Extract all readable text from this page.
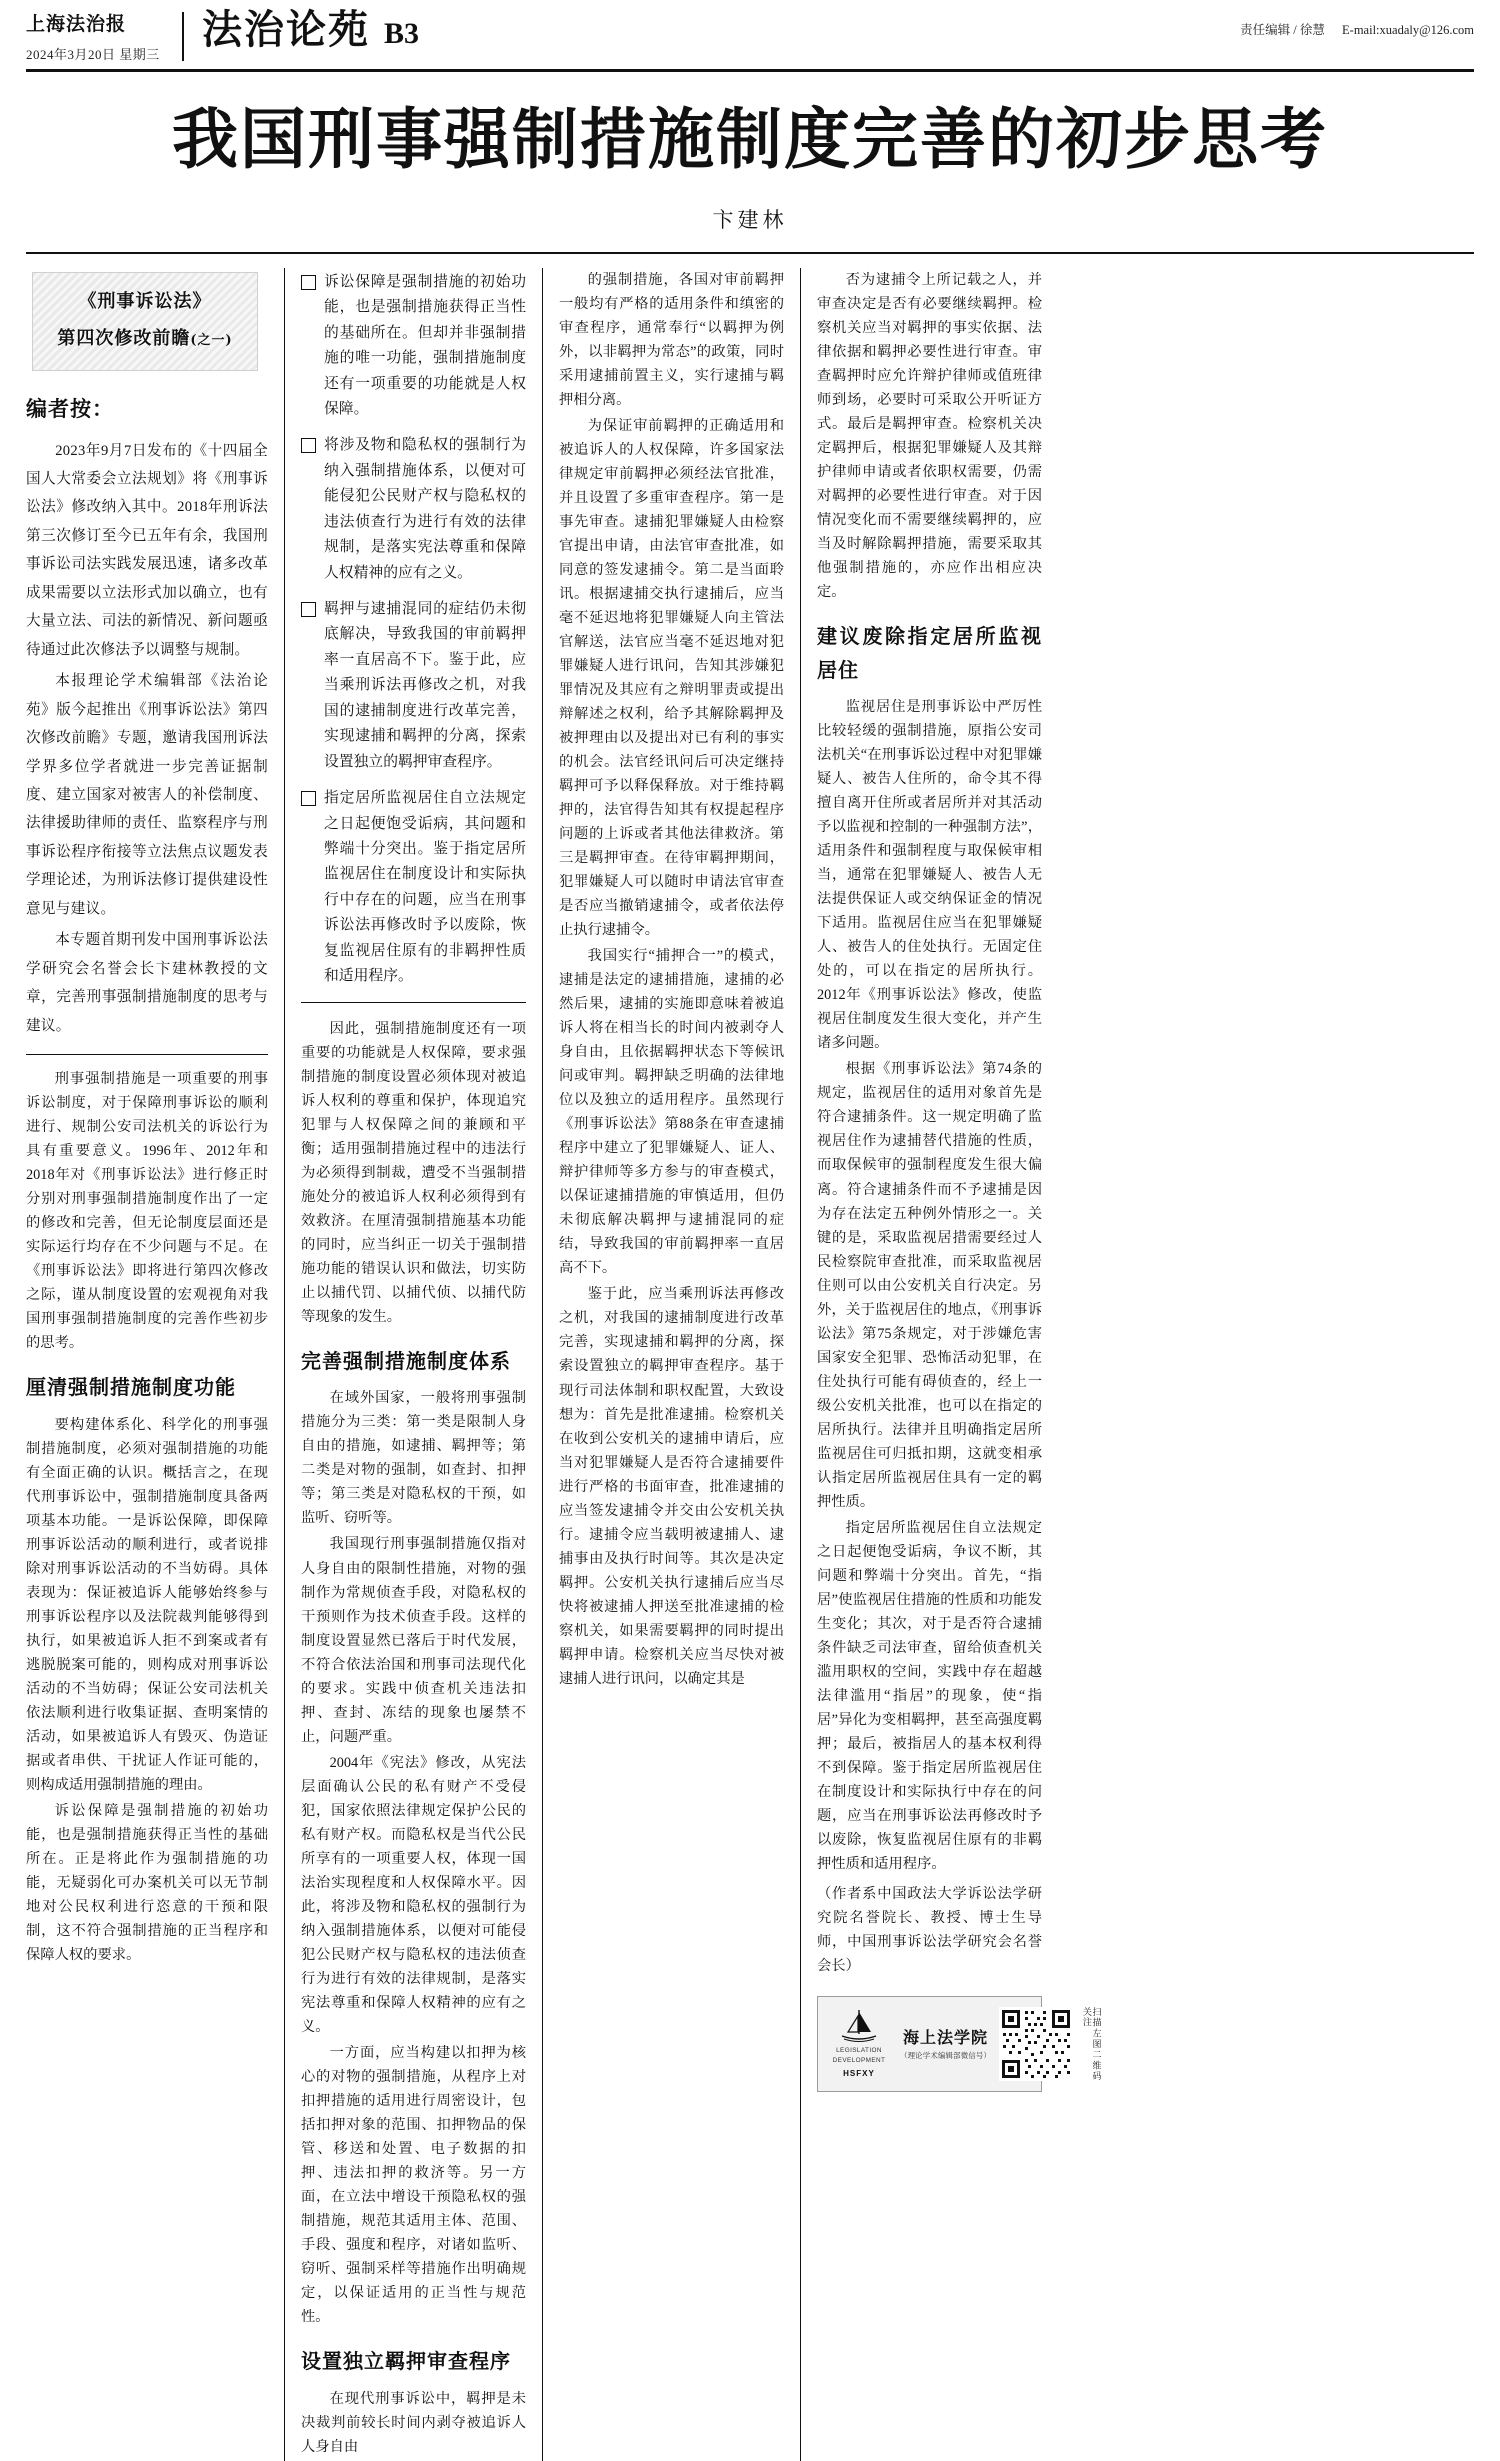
上海法治报
2024年3月20日 星期三
法治论苑 B3	责任编辑 / 徐慧 E-mail:xuadaly@126.com
我国刑事强制措施制度完善的初步思考
卞建林
《刑事诉讼法》
第四次修改前瞻(之一)
编者按：

2023年9月7日发布的《十四届全国人大常委会立法规划》将《刑事诉讼法》修改纳入其中。2018年刑诉法第三次修订至今已五年有余，我国刑事诉讼司法实践发展迅速，诸多改革成果需要以立法形式加以确立，也有大量立法、司法的新情况、新问题亟待通过此次修法予以调整与规制。

本报理论学术编辑部《法治论苑》版今起推出《刑事诉讼法》第四次修改前瞻》专题，邀请我国刑诉法学界多位学者就进一步完善证据制度、建立国家对被害人的补偿制度、法律援助律师的责任、监察程序与刑事诉讼程序衔接等立法焦点议题发表学理论述，为刑诉法修订提供建设性意见与建议。

本专题首期刊发中国刑事诉讼法学研究会名誉会长卞建林教授的文章，完善刑事强制措施制度的思考与建议。

刑事强制措施是一项重要的刑事诉讼制度，对于保障刑事诉讼的顺利进行、规制公安司法机关的诉讼行为具有重要意义。1996年、2012年和2018年对《刑事诉讼法》进行修正时分别对刑事强制措施制度作出了一定的修改和完善，但无论制度层面还是实际运行均存在不少问题与不足。在《刑事诉讼法》即将进行第四次修改之际，谨从制度设置的宏观视角对我国刑事强制措施制度的完善作些初步的思考。

厘清强制措施制度功能

要构建体系化、科学化的刑事强制措施制度，必须对强制措施的功能有全面正确的认识。概括言之，在现代刑事诉讼中，强制措施制度具备两项基本功能。一是诉讼保障，即保障刑事诉讼活动的顺利进行，或者说排除对刑事诉讼活动的不当妨碍。具体表现为：保证被追诉人能够始终参与刑事诉讼程序以及法院裁判能够得到执行，如果被追诉人拒不到案或者有逃脱脱案可能的，则构成对刑事诉讼活动的不当妨碍；保证公安司法机关依法顺利进行收集证据、查明案情的活动，如果被追诉人有毁灭、伪造证据或者串供、干扰证人作证可能的，则构成适用强制措施的理由。

诉讼保障是强制措施的初始功能，也是强制措施获得正当性的基础所在。正是将此作为强制措施的功能，无疑弱化可办案机关可以无节制地对公民权利进行恣意的干预和限制，这不符合强制措施的正当程序和保障人权的要求。

诉讼保障是强制措施的初始功能，也是强制措施获得正当性的基础所在。但却并非强制措施的唯一功能，强制措施制度还有一项重要的功能就是人权保障。
将涉及物和隐私权的强制行为纳入强制措施体系，以便对可能侵犯公民财产权与隐私权的违法侦查行为进行有效的法律规制，是落实宪法尊重和保障人权精神的应有之义。
羁押与逮捕混同的症结仍未彻底解决，导致我国的审前羁押率一直居高不下。鉴于此，应当乘刑诉法再修改之机，对我国的逮捕制度进行改革完善，实现逮捕和羁押的分离，探索设置独立的羁押审查程序。
指定居所监视居住自立法规定之日起便饱受诟病，其问题和弊端十分突出。鉴于指定居所监视居住在制度设计和实际执行中存在的问题，应当在刑事诉讼法再修改时予以废除，恢复监视居住原有的非羁押性质和适用程序。

因此，强制措施制度还有一项重要的功能就是人权保障，要求强制措施的制度设置必须体现对被追诉人权利的尊重和保护，体现追究犯罪与人权保障之间的兼顾和平衡；适用强制措施过程中的违法行为必须得到制裁，遭受不当强制措施处分的被追诉人权利必须得到有效救济。在厘清强制措施基本功能的同时，应当纠正一切关于强制措施功能的错误认识和做法，切实防止以捕代罚、以捕代侦、以捕代防等现象的发生。

完善强制措施制度体系

在域外国家，一般将刑事强制措施分为三类：第一类是限制人身自由的措施，如逮捕、羁押等；第二类是对物的强制，如查封、扣押等；第三类是对隐私权的干预，如监听、窃听等。

我国现行刑事强制措施仅指对人身自由的限制性措施，对物的强制作为常规侦查手段，对隐私权的干预则作为技术侦查手段。这样的制度设置显然已落后于时代发展，不符合依法治国和刑事司法现代化的要求。实践中侦查机关违法扣押、查封、冻结的现象也屡禁不止，问题严重。

2004年《宪法》修改，从宪法层面确认公民的私有财产不受侵犯，国家依照法律规定保护公民的私有财产权。而隐私权是当代公民所享有的一项重要人权，体现一国法治实现程度和人权保障水平。因此，将涉及物和隐私权的强制行为纳入强制措施体系，以便对可能侵犯公民财产权与隐私权的违法侦查行为进行有效的法律规制，是落实宪法尊重和保障人权精神的应有之义。

一方面，应当构建以扣押为核心的对物的强制措施，从程序上对扣押措施的适用进行周密设计，包括扣押对象的范围、扣押物品的保管、移送和处置、电子数据的扣押、违法扣押的救济等。另一方面，在立法中增设干预隐私权的强制措施，规范其适用主体、范围、手段、强度和程序，对诸如监听、窃听、强制采样等措施作出明确规定，以保证适用的正当性与规范性。

设置独立羁押审查程序

在现代刑事诉讼中，羁押是未决裁判前较长时间内剥夺被追诉人人身自由

的强制措施，各国对审前羁押一般均有严格的适用条件和缜密的审查程序，通常奉行“以羁押为例外，以非羁押为常态”的政策，同时采用逮捕前置主义，实行逮捕与羁押相分离。

为保证审前羁押的正确适用和被追诉人的人权保障，许多国家法律规定审前羁押必须经法官批准，并且设置了多重审查程序。第一是事先审查。逮捕犯罪嫌疑人由检察官提出申请，由法官审查批准，如同意的签发逮捕令。第二是当面聆讯。根据逮捕交执行逮捕后，应当毫不延迟地将犯罪嫌疑人向主管法官解送，法官应当毫不延迟地对犯罪嫌疑人进行讯问，告知其涉嫌犯罪情况及其应有之辩明罪责或提出辩解述之权利，给予其解除羁押及被押理由以及提出对已有利的事实的机会。法官经讯问后可决定继持羁押可予以释保释放。对于维持羁押的，法官得告知其有权提起程序问题的上诉或者其他法律救济。第三是羁押审查。在待审羁押期间，犯罪嫌疑人可以随时申请法官审查是否应当撤销逮捕令，或者依法停止执行逮捕令。

我国实行“捕押合一”的模式，逮捕是法定的逮捕措施，逮捕的必然后果，逮捕的实施即意味着被追诉人将在相当长的时间内被剥夺人身自由，且依据羁押状态下等候讯问或审判。羁押缺乏明确的法律地位以及独立的适用程序。虽然现行《刑事诉讼法》第88条在审查逮捕程序中建立了犯罪嫌疑人、证人、辩护律师等多方参与的审查模式，以保证逮捕措施的审慎适用，但仍未彻底解决羁押与逮捕混同的症结，导致我国的审前羁押率一直居高不下。

鉴于此，应当乘刑诉法再修改之机，对我国的逮捕制度进行改革完善，实现逮捕和羁押的分离，探索设置独立的羁押审查程序。基于现行司法体制和职权配置，大致设想为：首先是批准逮捕。检察机关在收到公安机关的逮捕申请后，应当对犯罪嫌疑人是否符合逮捕要件进行严格的书面审查，批准逮捕的应当签发逮捕令并交由公安机关执行。逮捕令应当载明被逮捕人、逮捕事由及执行时间等。其次是决定羁押。公安机关执行逮捕后应当尽快将被逮捕人押送至批准逮捕的检察机关，如果需要羁押的同时提出羁押申请。检察机关应当尽快对被逮捕人进行讯问，以确定其是

否为逮捕令上所记载之人，并审查决定是否有必要继续羁押。检察机关应当对羁押的事实依据、法律依据和羁押必要性进行审查。审查羁押时应允许辩护律师或值班律师到场，必要时可采取公开听证方式。最后是羁押审查。检察机关决定羁押后，根据犯罪嫌疑人及其辩护律师申请或者依职权需要，仍需对羁押的必要性进行审查。对于因情况变化而不需要继续羁押的，应当及时解除羁押措施，需要采取其他强制措施的，亦应作出相应决定。

建议废除指定居所监视居住

监视居住是刑事诉讼中严厉性比较轻缓的强制措施，原指公安司法机关“在刑事诉讼过程中对犯罪嫌疑人、被告人住所的，命令其不得擅自离开住所或者居所并对其活动予以监视和控制的一种强制方法”，适用条件和强制程度与取保候审相当，通常在犯罪嫌疑人、被告人无法提供保证人或交纳保证金的情况下适用。监视居住应当在犯罪嫌疑人、被告人的住处执行。无固定住处的，可以在指定的居所执行。2012年《刑事诉讼法》修改，使监视居住制度发生很大变化，并产生诸多问题。

根据《刑事诉讼法》第74条的规定，监视居住的适用对象首先是符合逮捕条件。这一规定明确了监视居住作为逮捕替代措施的性质，而取保候审的强制程度发生很大偏离。符合逮捕条件而不予逮捕是因为存在法定五种例外情形之一。关键的是，采取监视居措需要经过人民检察院审查批准，而采取监视居住则可以由公安机关自行决定。另外，关于监视居住的地点，《刑事诉讼法》第75条规定，对于涉嫌危害国家安全犯罪、恐怖活动犯罪，在住处执行可能有碍侦查的，经上一级公安机关批准，也可以在指定的居所执行。法律并且明确指定居所监视居住可归抵扣期，这就变相承认指定居所监视居住具有一定的羁押性质。

指定居所监视居住自立法规定之日起便饱受诟病，争议不断，其问题和弊端十分突出。首先，“指居”使监视居住措施的性质和功能发生变化；其次，对于是否符合逮捕条件缺乏司法审查，留给侦查机关滥用职权的空间，实践中存在超越法律滥用“指居”的现象，使“指居”异化为变相羁押，甚至高强度羁押；最后，被指居人的基本权利得不到保障。鉴于指定居所监视居住在制度设计和实际执行中存在的问题，应当在刑事诉讼法再修改时予以废除，恢复监视居住原有的非羁押性质和适用程序。

（作者系中国政法大学诉讼法学研究院名誉院长、教授、博士生导师，中国刑事诉讼法学研究会名誉会长）
LEGISLATION DEVELOPMENT
HSFXY
海上法学院
（理论学术编辑部微信号）	扫描左图二维码关注
